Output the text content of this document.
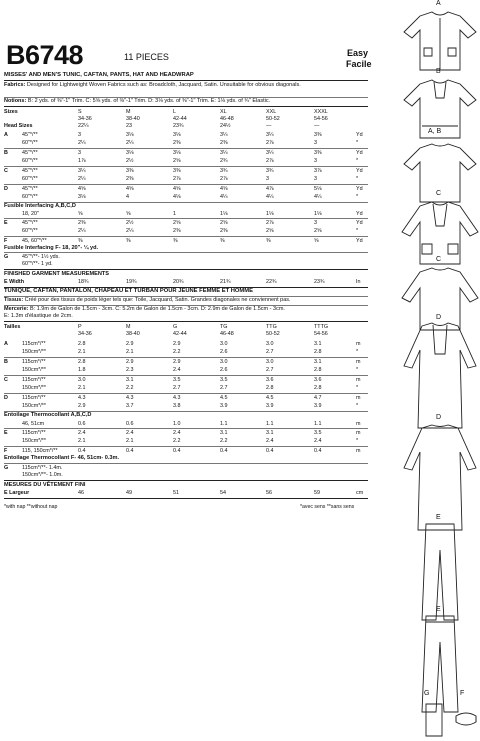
B6748	11 PIECES	Easy
Facile
MISSES' AND MEN'S TUNIC, CAFTAN, PANTS, HAT AND HEADWRAP
Fabrics: Designed for Lightweight Woven Fabrics such as: Broadcloth, Jacquard, Satin. Unsuitable for obvious diagonals.
Notions: B: 2 yds. of ⅜"-1" Trim. C: 5⅝ yds. of ⅜"-1" Trim. D: 3⅛ yds. of ⅜"-1" Trim. E: 1⅛ yds. of ¾" Elastic.
Sizes	S	M	L	XL	XXL	XXXL
34-36	38-40	42-44	46-48	50-52	54-56
Head Sizes	22¼	23	23¾	24½	—	—
A	45"*/**	3	3⅛	3⅛	3¼	3¼	3⅜	Yd
60"*/**	2¼	2¼	2⅜	2⅜	2⅞	3	*
B	45"*/**	3	3⅛	3⅛	3¼	3¼	3⅜	Yd
60"*/**	1⅞	2½	2⅝	2¾	2⅞	3	*
C	45"*/**	3¼	3⅜	3⅜	3¾	3¾	3⅞	Yd
60"*/**	2¼	2⅜	2⅞	2⅞	3	3	*
D	45"*/**	4⅝	4⅝	4⅝	4⅝	4⅞	5⅛	Yd
60"*/**	3⅛	4	4⅛	4¼	4¼	4¼	*
Fusible Interfacing A,B,C,D
18, 20"	⅝	⅝	1	1⅛	1⅛	1⅛	Yd
E	45"*/**	2⅜	2½	2⅝	2⅝	2⅞	3	Yd
60"*/**	2¼	2¼	2⅜	2⅜	2⅝	2⅝	*
F	45, 60"*/**	⅜	⅜	⅜	⅜	⅜	⅝	Yd
Fusible Interfacing F- 18, 20"- ¼ yd.
G	45"*/**- 1½ yds.
60"*/**- 1 yd.
FINISHED GARMENT MEASUREMENTS
E Width	18¾	19¾	20¾	21¾	22¾	23¾	In
TUNIQUE, CAFTAN, PANTALON, CHAPEAU ET TURBAN POUR JEUNE FEMME ET HOMME
Tissus: Créé pour des tissus de poids léger tels que: Toile, Jacquard, Satin. Grandes diagonales ne conviennent pas.
Mercerie: B: 1.9m de Galon de 1.5cm - 3cm. C: 5.2m de Galon de 1.5cm - 3cm. D: 2.9m de Galon de 1.5cm - 3cm.
E: 1.3m d'élastique de 2cm.
Tailles	P	M	G	TG	TTG	TTTG
34-36	38-40	42-44	46-48	50-52	54-56
A	115cm*/**	2.8	2.9	2.9	3.0	3.0	3.1	m
150cm*/**	2.1	2.1	2.2	2.6	2.7	2.8	*
B	115cm*/**	2.8	2.9	2.9	3.0	3.0	3.1	m
150cm*/**	1.8	2.3	2.4	2.6	2.7	2.8	*
C	115cm*/**	3.0	3.1	3.5	3.5	3.6	3.6	m
150cm*/**	2.1	2.2	2.7	2.7	2.8	2.8	*
D	115cm*/**	4.3	4.3	4.3	4.5	4.5	4.7	m
150cm*/**	2.9	3.7	3.8	3.9	3.9	3.9	*
Entoilage Thermocollant A,B,C,D
46, 51cm	0.6	0.6	1.0	1.1	1.1	1.1	m
E	115cm*/**	2.4	2.4	2.4	3.1	3.1	3.5	m
150cm*/**	2.1	2.1	2.2	2.2	2.4	2.4	*
F	115, 150cm*/**	0.4	0.4	0.4	0.4	0.4	0.4	m
Entoilage Thermocollant F- 46, 51cm- 0.3m.
G	115cm*/**- 1.4m.
150cm*/**- 1.0m.
MESURES DU VÊTEMENT FINI
E Largeur	46	49	51	54	56	59	cm
*with nap **without nap	*avec sens **sans sens
A
B
A, B
C
C
D
D
E
E
G	F
